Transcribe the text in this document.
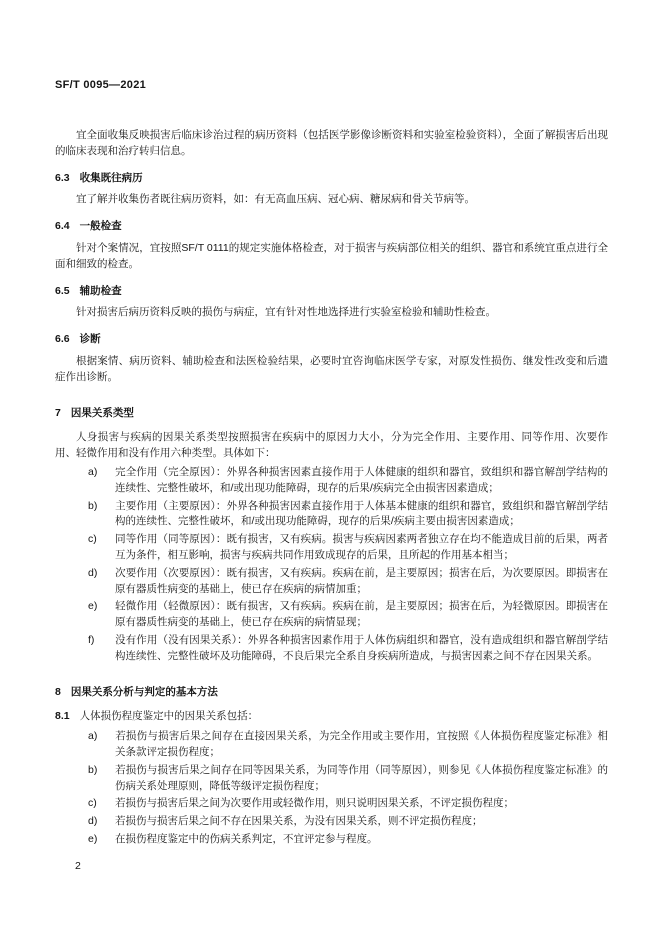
SF/T 0095—2021

宜全面收集反映损害后临床诊治过程的病历资料（包括医学影像诊断资料和实验室检验资料），全面了解损害后出现的临床表现和治疗转归信息。

6.3 收集既往病历

宜了解并收集伤者既往病历资料，如：有无高血压病、冠心病、糖尿病和骨关节病等。

6.4 一般检查

针对个案情况，宜按照SF/T 0111的规定实施体格检查，对于损害与疾病部位相关的组织、器官和系统宜重点进行全面和细致的检查。

6.5 辅助检查

针对损害后病历资料反映的损伤与病症，宜有针对性地选择进行实验室检验和辅助性检查。

6.6 诊断

根据案情、病历资料、辅助检查和法医检验结果，必要时宜咨询临床医学专家，对原发性损伤、继发性改变和后遗症作出诊断。

7 因果关系类型

人身损害与疾病的因果关系类型按照损害在疾病中的原因力大小，分为完全作用、主要作用、同等作用、次要作用、轻微作用和没有作用六种类型。具体如下：

a) 完全作用（完全原因）：外界各种损害因素直接作用于人体健康的组织和器官，致组织和器官解剖学结构的连续性、完整性破坏，和/或出现功能障碍，现存的后果/疾病完全由损害因素造成；
b) 主要作用（主要原因）：外界各种损害因素直接作用于人体基本健康的组织和器官，致组织和器官解剖学结构的连续性、完整性破坏，和/或出现功能障碍，现存的后果/疾病主要由损害因素造成；
c) 同等作用（同等原因）：既有损害，又有疾病。损害与疾病因素两者独立存在均不能造成目前的后果，两者互为条件，相互影响，损害与疾病共同作用致成现存的后果，且所起的作用基本相当；
d) 次要作用（次要原因）：既有损害，又有疾病。疾病在前，是主要原因；损害在后，为次要原因。即损害在原有器质性病变的基础上，使已存在疾病的病情加重；
e) 轻微作用（轻微原因）：既有损害，又有疾病。疾病在前，是主要原因；损害在后，为轻微原因。即损害在原有器质性病变的基础上，使已存在疾病的病情显现；
f) 没有作用（没有因果关系）：外界各种损害因素作用于人体伤病组织和器官，没有造成组织和器官解剖学结构连续性、完整性破坏及功能障碍，不良后果完全系自身疾病所造成，与损害因素之间不存在因果关系。
8 因果关系分析与判定的基本方法

8.1 人体损伤程度鉴定中的因果关系包括：

a) 若损伤与损害后果之间存在直接因果关系，为完全作用或主要作用，宜按照《人体损伤程度鉴定标准》相关条款评定损伤程度；
b) 若损伤与损害后果之间存在同等因果关系，为同等作用（同等原因），则参见《人体损伤程度鉴定标准》的伤病关系处理原则，降低等级评定损伤程度；
c) 若损伤与损害后果之间为次要作用或轻微作用，则只说明因果关系，不评定损伤程度；
d) 若损伤与损害后果之间不存在因果关系，为没有因果关系，则不评定损伤程度；
e) 在损伤程度鉴定中的伤病关系判定，不宜评定参与程度。
2
